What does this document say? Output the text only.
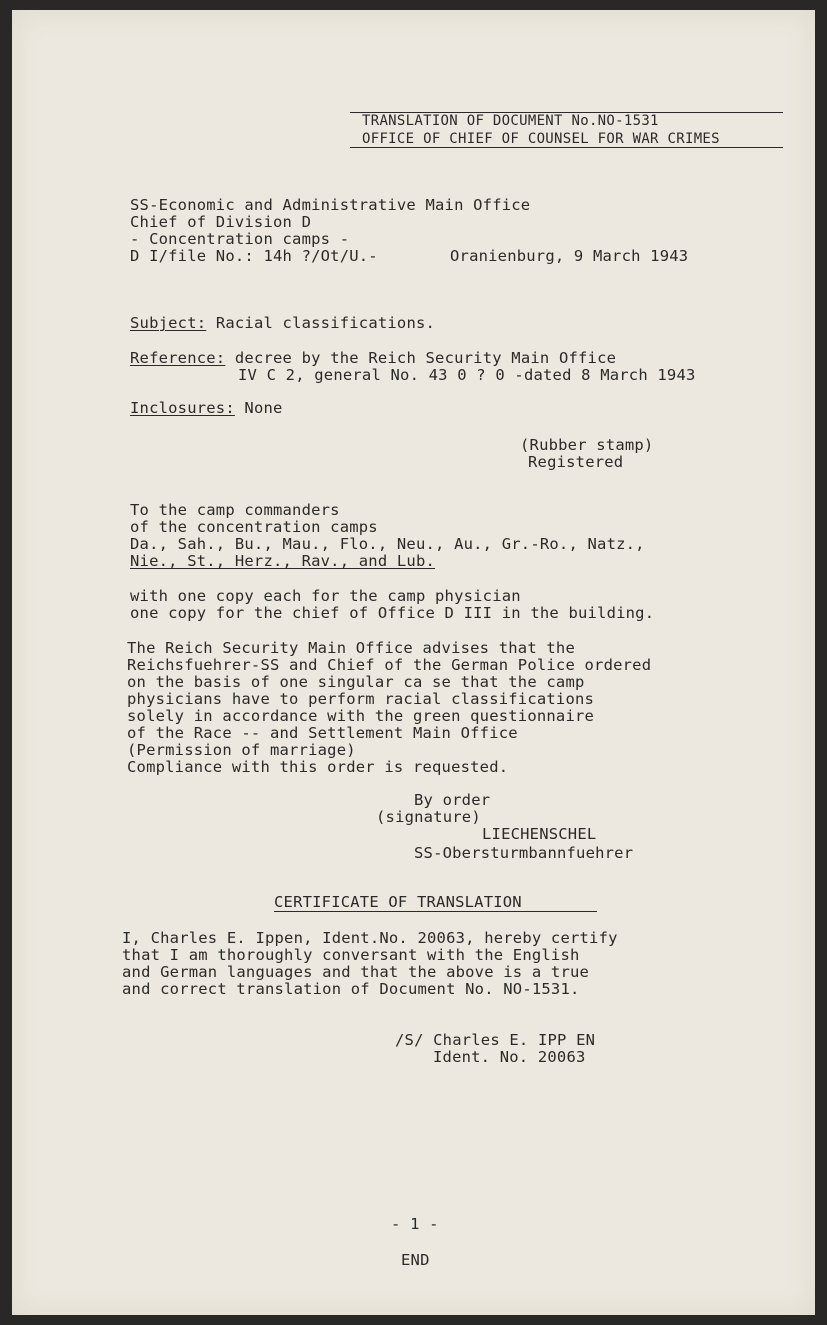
TRANSLATION OF DOCUMENT No.NO-1531

OFFICE OF CHIEF OF COUNSEL FOR WAR CRIMES

SS-Economic and Administrative Main Office

Chief of Division D

- Concentration camps -

D I/file No.: 14h ?/Ot/U.-	Oranienburg, 9 March 1943

Subject: Racial classifications.

Reference: decree by the Reich Security Main Office

IV C 2, general No. 43 0 ? 0 -dated 8 March 1943

Inclosures: None

(Rubber stamp)

Registered

To the camp commanders

of the concentration camps

Da., Sah., Bu., Mau., Flo., Neu., Au., Gr.-Ro., Natz.,

Nie., St., Herz., Rav., and Lub.

with one copy each for the camp physician

one copy for the chief of Office D III in the building.

The Reich Security Main Office advises that the

Reichsfuehrer-SS and Chief of the German Police ordered

on the basis of one singular ca se that the camp

physicians have to perform racial classifications

solely in accordance with the green questionnaire

of the Race -- and Settlement Main Office

(Permission of marriage)

Compliance with this order is requested.

By order

(signature)

LIECHENSCHEL

SS-Obersturmbannfuehrer

CERTIFICATE OF TRANSLATION

I, Charles E. Ippen, Ident.No. 20063, hereby certify

that I am thoroughly conversant with the English

and German languages and that the above is a true

and correct translation of Document No. NO-1531.

/S/ Charles E. IPP EN

Ident. No. 20063

- 1 -

END
